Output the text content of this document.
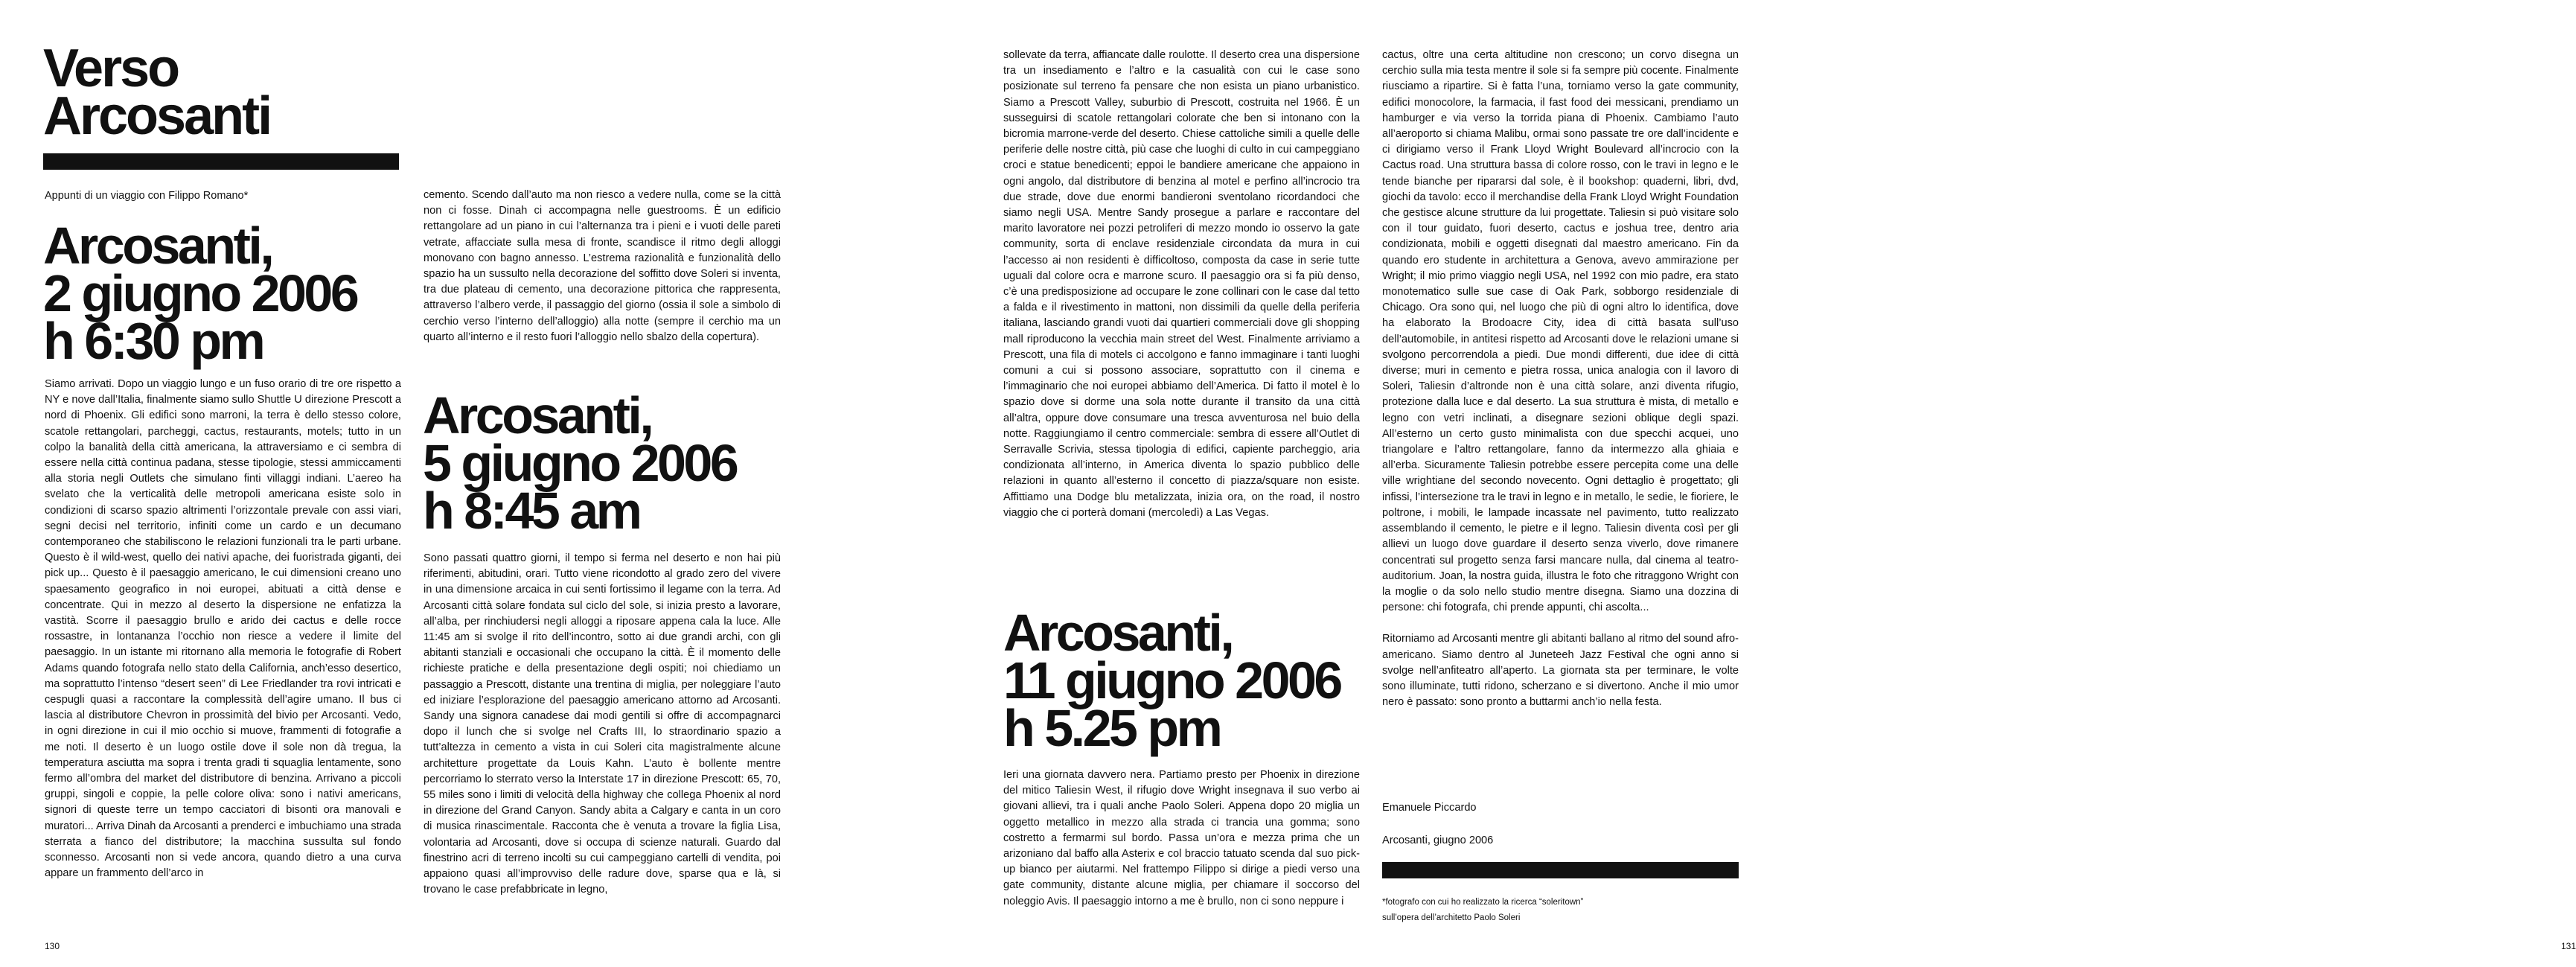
Verso
Arcosanti

Appunti di un viaggio con Filippo Romano*

Arcosanti,
2 giugno 2006
h 6:30 pm

Siamo arrivati. Dopo un viaggio lungo e un fuso orario di tre ore rispetto a NY e nove dall’Italia, finalmente siamo sullo Shuttle U direzione Prescott a nord di Phoenix. Gli edifici sono marroni, la terra è dello stesso colore, scatole rettangolari, parcheggi, cactus, restaurants, motels; tutto in un colpo la banalità della città americana, la attraversiamo e ci sembra di essere nella città continua padana, stesse tipologie, stessi ammiccamenti alla storia negli Outlets che simulano finti villaggi indiani. L’aereo ha svelato che la verticalità delle metropoli americana esiste solo in condizioni di scarso spazio altrimenti l’orizzontale prevale con assi viari, segni decisi nel territorio, infiniti come un cardo e un decumano contemporaneo che stabiliscono le relazioni funzionali tra le parti urbane. Questo è il wild-west, quello dei nativi apache, dei fuoristrada giganti, dei pick up... Questo è il paesaggio americano, le cui dimensioni creano uno spaesamento geografico in noi europei, abituati a città dense e concentrate. Qui in mezzo al deserto la dispersione ne enfatizza la vastità. Scorre il paesaggio brullo e arido dei cactus e delle rocce rossastre, in lontananza l’occhio non riesce a vedere il limite del paesaggio. In un istante mi ritornano alla memoria le fotografie di Robert Adams quando fotografa nello stato della California, anch’esso desertico, ma soprattutto l’intenso “desert seen” di Lee Friedlander tra rovi intricati e cespugli quasi a raccontare la complessità dell’agire umano. Il bus ci lascia al distributore Chevron in prossimità del bivio per Arcosanti. Vedo, in ogni direzione in cui il mio occhio si muove, frammenti di fotografie a me noti. Il deserto è un luogo ostile dove il sole non dà tregua, la temperatura asciutta ma sopra i trenta gradi ti squaglia lentamente, sono fermo all’ombra del market del distributore di benzina. Arrivano a piccoli gruppi, singoli e coppie, la pelle colore oliva: sono i nativi americans, signori di queste terre un tempo cacciatori di bisonti ora manovali e muratori... Arriva Dinah da Arcosanti a prenderci e imbuchiamo una strada sterrata a fianco del distributore; la macchina sussulta sul fondo sconnesso. Arcosanti non si vede ancora, quando dietro a una curva appare un frammento dell’arco in

cemento. Scendo dall’auto ma non riesco a vedere nulla, come se la città non ci fosse. Dinah ci accompagna nelle guestrooms. È un edificio rettangolare ad un piano in cui l’alternanza tra i pieni e i vuoti delle pareti vetrate, affacciate sulla mesa di fronte, scandisce il ritmo degli alloggi monovano con bagno annesso. L’estrema razionalità e funzionalità dello spazio ha un sussulto nella decorazione del soffitto dove Soleri si inventa, tra due plateau di cemento, una decorazione pittorica che rappresenta, attraverso l’albero verde, il passaggio del giorno (ossia il sole a simbolo di cerchio verso l’interno dell’alloggio) alla notte (sempre il cerchio ma un quarto all’interno e il resto fuori l’alloggio nello sbalzo della copertura).

Arcosanti,
5 giugno 2006
h 8:45 am

Sono passati quattro giorni, il tempo si ferma nel deserto e non hai più riferimenti, abitudini, orari. Tutto viene ricondotto al grado zero del vivere in una dimensione arcaica in cui senti fortissimo il legame con la terra. Ad Arcosanti città solare fondata sul ciclo del sole, si inizia presto a lavorare, all’alba, per rinchiudersi negli alloggi a riposare appena cala la luce. Alle 11:45 am si svolge il rito dell’incontro, sotto ai due grandi archi, con gli abitanti stanziali e occasionali che occupano la città. È il momento delle richieste pratiche e della presentazione degli ospiti; noi chiediamo un passaggio a Prescott, distante una trentina di miglia, per noleggiare l’auto ed iniziare l’esplorazione del paesaggio americano attorno ad Arcosanti. Sandy una signora canadese dai modi gentili si offre di accompagnarci dopo il lunch che si svolge nel Crafts III, lo straordinario spazio a tutt’altezza in cemento a vista in cui Soleri cita magistralmente alcune architetture progettate da Louis Kahn. L’auto è bollente mentre percorriamo lo sterrato verso la Interstate 17 in direzione Prescott: 65, 70, 55 miles sono i limiti di velocità della highway che collega Phoenix al nord in direzione del Grand Canyon. Sandy abita a Calgary e canta in un coro di musica rinascimentale. Racconta che è venuta a trovare la figlia Lisa, volontaria ad Arcosanti, dove si occupa di scienze naturali. Guardo dal finestrino acri di terreno incolti su cui campeggiano cartelli di vendita, poi appaiono quasi all’improvviso delle radure dove, sparse qua e là, si trovano le case prefabbricate in legno,

130

sollevate da terra, affiancate dalle roulotte. Il deserto crea una dispersione tra un insediamento e l’altro e la casualità con cui le case sono posizionate sul terreno fa pensare che non esista un piano urbanistico. Siamo a Prescott Valley, suburbio di Prescott, costruita nel 1966. È un susseguirsi di scatole rettangolari colorate che ben si intonano con la bicromia marrone-verde del deserto. Chiese cattoliche simili a quelle delle periferie delle nostre città, più case che luoghi di culto in cui campeggiano croci e statue benedicenti; eppoi le bandiere americane che appaiono in ogni angolo, dal distributore di benzina al motel e perfino all’incrocio tra due strade, dove due enormi bandieroni sventolano ricordandoci che siamo negli USA. Mentre Sandy prosegue a parlare e raccontare del marito lavoratore nei pozzi petroliferi di mezzo mondo io osservo la gate community, sorta di enclave residenziale circondata da mura in cui l’accesso ai non residenti è difficoltoso, composta da case in serie tutte uguali dal colore ocra e marrone scuro. Il paesaggio ora si fa più denso, c’è una predisposizione ad occupare le zone collinari con le case dal tetto a falda e il rivestimento in mattoni, non dissimili da quelle della periferia italiana, lasciando grandi vuoti dai quartieri commerciali dove gli shopping mall riproducono la vecchia main street del West. Finalmente arriviamo a Prescott, una fila di motels ci accolgono e fanno immaginare i tanti luoghi comuni a cui si possono associare, soprattutto con il cinema e l’immaginario che noi europei abbiamo dell’America. Di fatto il motel è lo spazio dove si dorme una sola notte durante il transito da una città all’altra, oppure dove consumare una tresca avventurosa nel buio della notte. Raggiungiamo il centro commerciale: sembra di essere all’Outlet di Serravalle Scrivia, stessa tipologia di edifici, capiente parcheggio, aria condizionata all’interno, in America diventa lo spazio pubblico delle relazioni in quanto all’esterno il concetto di piazza/square non esiste. Affittiamo una Dodge blu metalizzata, inizia ora, on the road, il nostro viaggio che ci porterà domani (mercoledì) a Las Vegas.

Arcosanti,
11 giugno 2006
h 5.25 pm

Ieri una giornata davvero nera. Partiamo presto per Phoenix in direzione del mitico Taliesin West, il rifugio dove Wright insegnava il suo verbo ai giovani allievi, tra i quali anche Paolo Soleri. Appena dopo 20 miglia un oggetto metallico in mezzo alla strada ci trancia una gomma; sono costretto a fermarmi sul bordo. Passa un’ora e mezza prima che un arizoniano dal baffo alla Asterix e col braccio tatuato scenda dal suo pick-up bianco per aiutarmi. Nel frattempo Filippo si dirige a piedi verso una gate community, distante alcune miglia, per chiamare il soccorso del noleggio Avis. Il paesaggio intorno a me è brullo, non ci sono neppure i

cactus, oltre una certa altitudine non crescono; un corvo disegna un cerchio sulla mia testa mentre il sole si fa sempre più cocente. Finalmente riusciamo a ripartire. Si è fatta l’una, torniamo verso la gate community, edifici monocolore, la farmacia, il fast food dei messicani, prendiamo un hamburger e via verso la torrida piana di Phoenix. Cambiamo l’auto all’aeroporto si chiama Malibu, ormai sono passate tre ore dall’incidente e ci dirigiamo verso il Frank Lloyd Wright Boulevard all’incrocio con la Cactus road. Una struttura bassa di colore rosso, con le travi in legno e le tende bianche per ripararsi dal sole, è il bookshop: quaderni, libri, dvd, giochi da tavolo: ecco il merchandise della Frank Lloyd Wright Foundation che gestisce alcune strutture da lui progettate. Taliesin si può visitare solo con il tour guidato, fuori deserto, cactus e joshua tree, dentro aria condizionata, mobili e oggetti disegnati dal maestro americano. Fin da quando ero studente in architettura a Genova, avevo ammirazione per Wright; il mio primo viaggio negli USA, nel 1992 con mio padre, era stato monotematico sulle sue case di Oak Park, sobborgo residenziale di Chicago. Ora sono qui, nel luogo che più di ogni altro lo identifica, dove ha elaborato la Brodoacre City, idea di città basata sull’uso dell’automobile, in antitesi rispetto ad Arcosanti dove le relazioni umane si svolgono percorrendola a piedi. Due mondi differenti, due idee di città diverse; muri in cemento e pietra rossa, unica analogia con il lavoro di Soleri, Taliesin d’altronde non è una città solare, anzi diventa rifugio, protezione dalla luce e dal deserto. La sua struttura è mista, di metallo e legno con vetri inclinati, a disegnare sezioni oblique degli spazi. All’esterno un certo gusto minimalista con due specchi acquei, uno triangolare e l’altro rettangolare, fanno da intermezzo alla ghiaia e all’erba. Sicuramente Taliesin potrebbe essere percepita come una delle ville wrightiane del secondo novecento. Ogni dettaglio è progettato; gli infissi, l’intersezione tra le travi in legno e in metallo, le sedie, le fioriere, le poltrone, i mobili, le lampade incassate nel pavimento, tutto realizzato assemblando il cemento, le pietre e il legno. Taliesin diventa così per gli allievi un luogo dove guardare il deserto senza viverlo, dove rimanere concentrati sul progetto senza farsi mancare nulla, dal cinema al teatro-auditorium. Joan, la nostra guida, illustra le foto che ritraggono Wright con la moglie o da solo nello studio mentre disegna. Siamo una dozzina di persone: chi fotografa, chi prende appunti, chi ascolta...

Ritorniamo ad Arcosanti mentre gli abitanti ballano al ritmo del sound afro-americano. Siamo dentro al Juneteeh Jazz Festival che ogni anno si svolge nell’anfiteatro all’aperto. La giornata sta per terminare, le volte sono illuminate, tutti ridono, scherzano e si divertono. Anche il mio umor nero è passato: sono pronto a buttarmi anch’io nella festa.

Emanuele Piccardo

Arcosanti, giugno 2006

*fotografo con cui ho realizzato la ricerca “soleritown”
sull’opera dell’architetto Paolo Soleri

131
